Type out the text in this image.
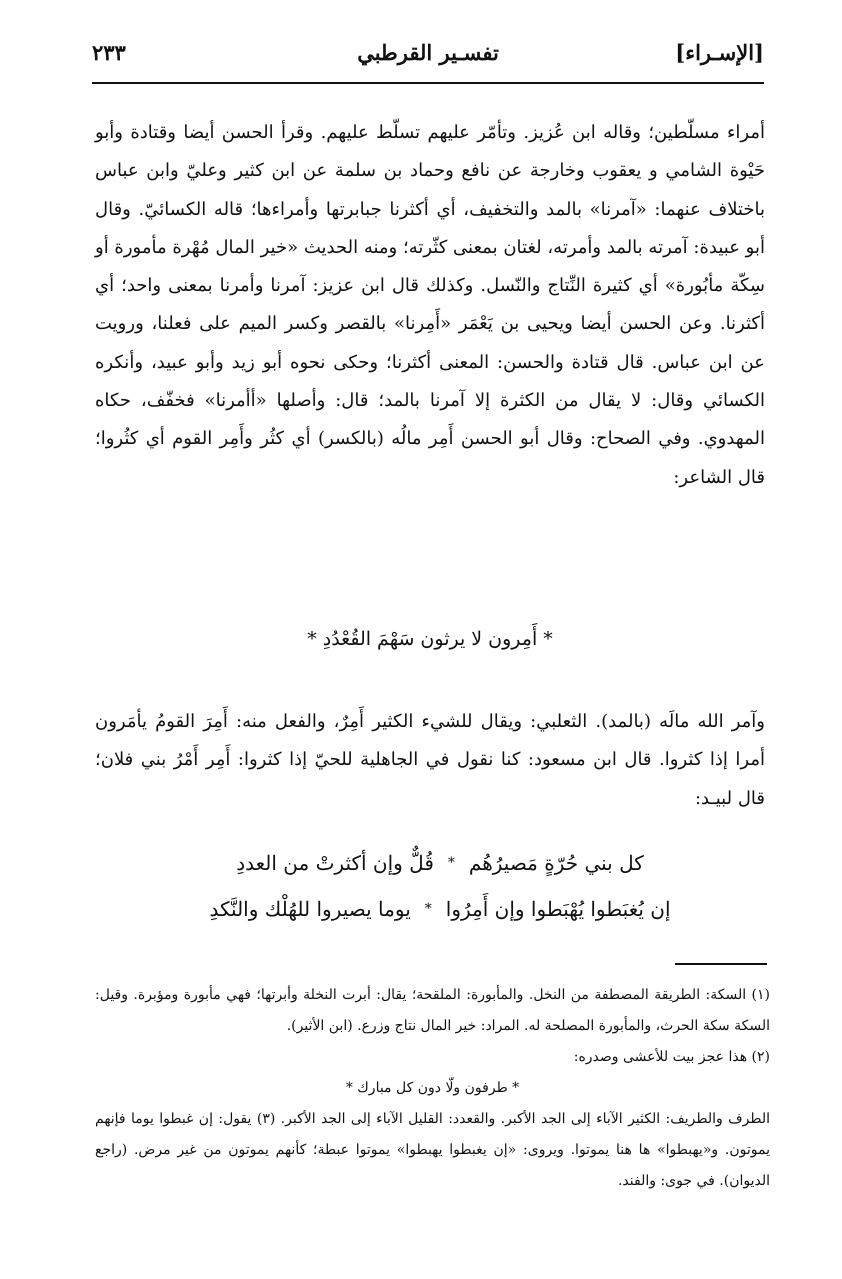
[الإسـراء]
تفسـير القرطبي
٢٣٣

أمراء مسلّطين؛ وقاله ابن عُزيز. وتأمّر عليهم تسلّط عليهم. وقرأ الحسن أيضا وقتادة وأبو حَيْوة الشامي و يعقوب وخارجة عن نافع وحماد بن سلمة عن ابن كثير وعليّ وابن عباس باختلاف عنهما: «آمرنا» بالمد والتخفيف، أي أكثرنا جبابرتها وأمراءها؛ قاله الكسائيّ. وقال أبو عبيدة: آمرته بالمد وأمرته، لغتان بمعنى كثّرته؛ ومنه الحديث «خير المال مُهْرة مأمورة أو سِكّة مأبُورة» أي كثيرة النِّتاج والنّسل. وكذلك قال ابن عزيز: آمرنا وأمرنا بمعنى واحد؛ أي أكثرنا. وعن الحسن أيضا ويحيى بن يَعْمَر «أَمِرنا» بالقصر وكسر الميم على فعلنا، ورويت عن ابن عباس. قال قتادة والحسن: المعنى أكثرنا؛ وحكى نحوه أبو زيد وأبو عبيد، وأنكره الكسائي وقال: لا يقال من الكثرة إلا آمرنا بالمد؛ قال: وأصلها «أأمرنا» فخفّف، حكاه المهدوي. وفي الصحاح: وقال أبو الحسن أَمِر مالُه (بالكسر) أي كثُر وأَمِر القوم أي كثُروا؛ قال الشاعر:

* أَمِرون لا يرثون سَهْمَ القُعْدُدِ *

وآمر الله مالَه (بالمد). الثعلبي: ويقال للشيء الكثير أَمِرٌ، والفعل منه: أَمِرَ القومُ يأمَرون أمرا إذا كثروا. قال ابن مسعود: كنا نقول في الجاهلية للحيّ إذا كثروا: أَمِر أَمْرُ بني فلان؛ قال لبيـد:

كل بني حُرّةٍ مَصيرُهُم
*
قُلٌّ وإن أكثرتْ من العددِ
إن يُغبَطوا يُهْبَطوا وإن أَمِرُوا
*
يوما يصيروا للهُلْك والنَّكدِ

(١) السكة: الطريقة المصطفة من النخل. والمأبورة: الملقحة؛ يقال: أبرت النخلة وأبرتها؛ فهي مأبورة ومؤبرة. وقيل: السكة سكة الحرث، والمأبورة المصلحة له. المراد: خير المال نتاج وزرع. (ابن الأثير).

(٢) هذا عجز بيت للأعشى وصدره:

* طرفون ولّا دون كل مبارك *

الطرف والطريف: الكثير الآباء إلى الجد الأكبر. والقعدد: القليل الآباء إلى الجد الأكبر. (٣) يقول: إن غبطوا يوما فإنهم يموتون. و«يهبطوا» ها هنا يموتوا. ويروى: «إن يغبطوا يهبطوا» يموتوا عبطة؛ كأنهم يموتون من غير مرض. (راجع الديوان). في جوى: والفند.
